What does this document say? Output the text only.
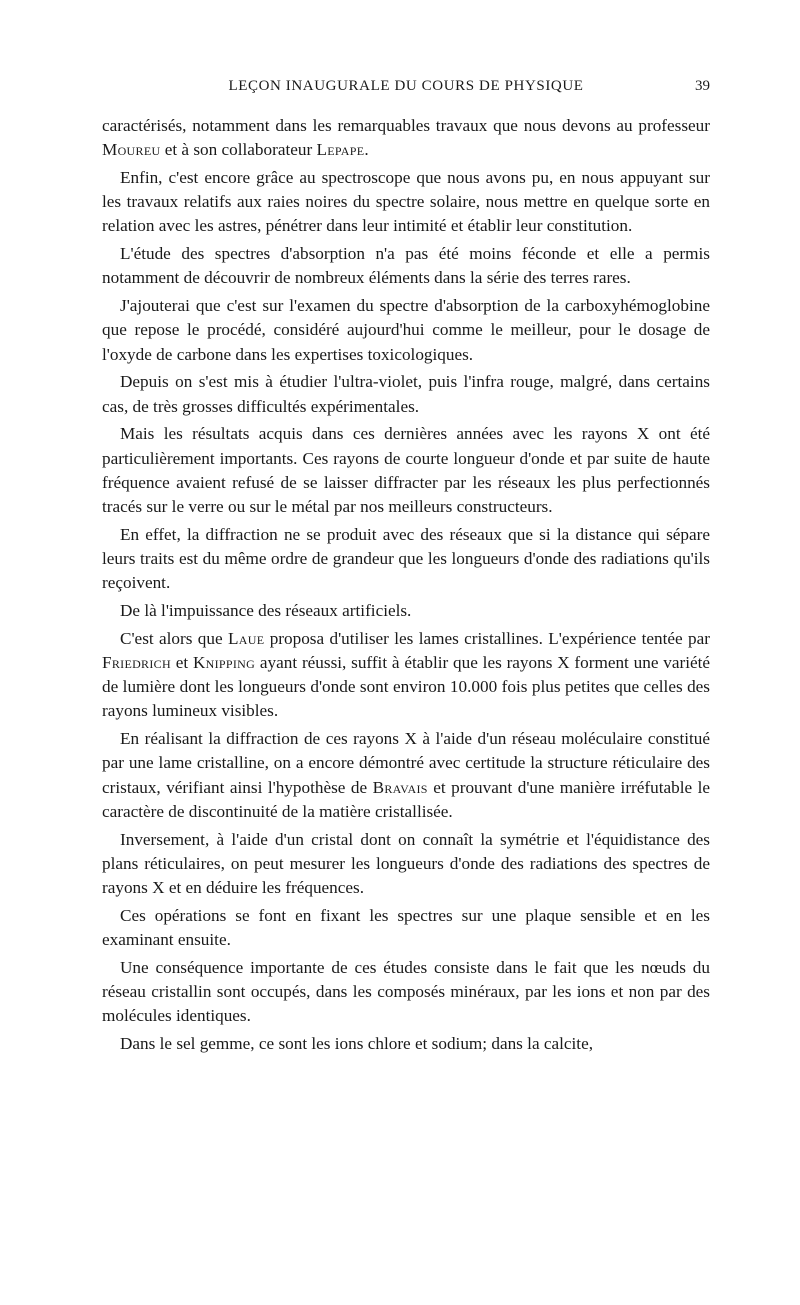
LEÇON INAUGURALE DU COURS DE PHYSIQUE	39

caractérisés, notamment dans les remarquables travaux que nous devons au professeur Moureu et à son collaborateur Lepape.

Enfin, c'est encore grâce au spectroscope que nous avons pu, en nous appuyant sur les travaux relatifs aux raies noires du spectre solaire, nous mettre en quelque sorte en relation avec les astres, pénétrer dans leur intimité et établir leur constitution.

L'étude des spectres d'absorption n'a pas été moins féconde et elle a permis notamment de découvrir de nombreux éléments dans la série des terres rares.

J'ajouterai que c'est sur l'examen du spectre d'absorption de la carboxyhémoglobine que repose le procédé, considéré aujourd'hui comme le meilleur, pour le dosage de l'oxyde de carbone dans les expertises toxicologiques.

Depuis on s'est mis à étudier l'ultra-violet, puis l'infra rouge, malgré, dans certains cas, de très grosses difficultés expérimentales.

Mais les résultats acquis dans ces dernières années avec les rayons X ont été particulièrement importants. Ces rayons de courte longueur d'onde et par suite de haute fréquence avaient refusé de se laisser diffracter par les réseaux les plus perfectionnés tracés sur le verre ou sur le métal par nos meilleurs constructeurs.

En effet, la diffraction ne se produit avec des réseaux que si la distance qui sépare leurs traits est du même ordre de grandeur que les longueurs d'onde des radiations qu'ils reçoivent.

De là l'impuissance des réseaux artificiels.

C'est alors que Laue proposa d'utiliser les lames cristallines. L'expérience tentée par Friedrich et Knipping ayant réussi, suffit à établir que les rayons X forment une variété de lumière dont les longueurs d'onde sont environ 10.000 fois plus petites que celles des rayons lumineux visibles.

En réalisant la diffraction de ces rayons X à l'aide d'un réseau moléculaire constitué par une lame cristalline, on a encore démontré avec certitude la structure réticulaire des cristaux, vérifiant ainsi l'hypothèse de Bravais et prouvant d'une manière irréfutable le caractère de discontinuité de la matière cristallisée.

Inversement, à l'aide d'un cristal dont on connaît la symétrie et l'équidistance des plans réticulaires, on peut mesurer les longueurs d'onde des radiations des spectres de rayons X et en déduire les fréquences.

Ces opérations se font en fixant les spectres sur une plaque sensible et en les examinant ensuite.

Une conséquence importante de ces études consiste dans le fait que les nœuds du réseau cristallin sont occupés, dans les composés minéraux, par les ions et non par des molécules identiques.

Dans le sel gemme, ce sont les ions chlore et sodium; dans la calcite,
